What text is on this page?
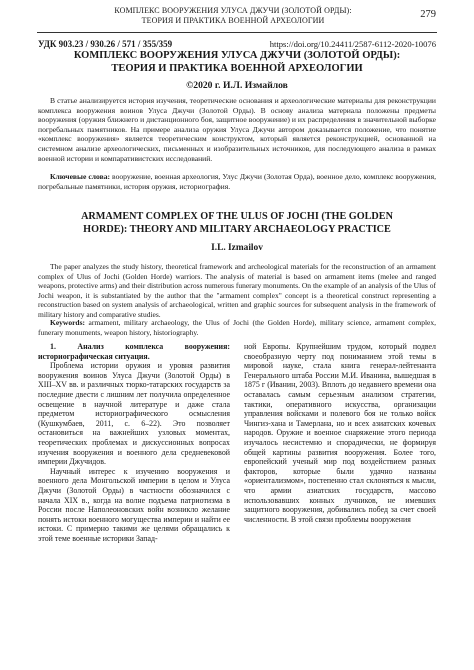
КОМПЛЕКС ВООРУЖЕНИЯ УЛУСА ДЖУЧИ (ЗОЛОТОЙ ОРДЫ):
ТЕОРИЯ И ПРАКТИКА ВОЕННОЙ АРХЕОЛОГИИ
279
УДК 903.23 / 930.26 / 571 / 355/359	https://doi.org/10.24411/2587-6112-2020-10076
КОМПЛЕКС ВООРУЖЕНИЯ УЛУСА ДЖУЧИ (ЗОЛОТОЙ ОРДЫ):
ТЕОРИЯ И ПРАКТИКА ВОЕННОЙ АРХЕОЛОГИИ
©2020 г. И.Л. Измайлов

В статье анализируется история изучения, теоретические основания и археологические материалы для реконструкции комплекса вооружения воинов Улуса Джучи (Золотой Орды). В основу анализа материала положены предметы вооружения (оружия ближнего и дистанционного боя, защитное вооружение) и их распределения в значительной выборке погребальных памятников. На примере анализа оружия Улуса Джучи автором доказывается положение, что понятие «комплекс вооружения» является теоретическим конструктом, который является реконструкцией, основанной на системном анализе археологических, письменных и изобразительных источников, для последующего анализа в рамках военной истории и компаративистских исследований.

Ключевые слова: вооружение, военная археология, Улус Джучи (Золотая Орда), военное дело, комплекс вооружения, погребальные памятники, история оружия, историография.

ARMAMENT COMPLEX OF THE ULUS OF JOCHI (THE GOLDEN
HORDE): THEORY AND MILITARY ARCHAEOLOGY PRACTICE
I.L. Izmailov

The paper analyzes the study history, theoretical framework and archeological materials for the reconstruction of an armament complex of Ulus of Jochi (Golden Horde) warriors. The analysis of material is based on armament items (melee and ranged weapons, protective arms) and their distribution across numerous funerary monuments. On the example of an analysis of the Ulus of Jochi weapon, it is substantiated by the author that the "armament complex" concept is a theoretical construct representing a reconstruction based on system analysis of archaeological, written and graphic sources for subsequent analysis in the framework of military history and comparative studies.

Keywords: armament, military archaeology, the Ulus of Jochi (the Golden Horde), military science, armament complex, funerary monuments, weapon history, historiography.

1. Анализ комплекса вооружения: историографическая ситуация.

Проблема истории оружия и уровня развития вооружения воинов Улуса Джучи (Золотой Орды) в XIII–XV вв. и различных тюрко-татарских государств за последние двести с лишним лет получила определенное освещение в научной литературе и даже стала предметом историографического осмысления (Кушкумбаев, 2011, с. 6–22). Это позволяет остановиться на важнейших узловых моментах, теоретических проблемах и дискуссионных вопросах изучения вооружения и военного дела средневековой империи Джучидов.

Научный интерес к изучению вооружения и военного дела Монгольской империи в целом и Улуса Джучи (Золотой Орды) в частности обозначился с начала XIX в., когда на волне подъема патриотизма в России после Наполеоновских войн возникло желание понять истоки военного могущества империи и найти ее истоки. С примерно такими же целями обращались к этой теме военные историки Запад-

ной Европы. Крупнейшим трудом, который подвел своеобразную черту под пониманием этой темы в мировой науке, стала книга генерал-лейтенанта Генерального штаба России М.И. Иванина, вышедшая в 1875 г (Иванин, 2003). Вплоть до недавнего времени она оставалась самым серьезным анализом стратегии, тактики, оперативного искусства, организации управления войсками и полевого боя не только войск Чингиз-хана и Тамерлана, но и всех азиатских кочевых народов. Оружие и военное снаряжение этого периода изучалось несистемно и спорадически, не формируя общей картины развития вооружения. Более того, европейский ученый мир под воздействием разных факторов, которые были удачно названы «ориентализмом», постепенно стал склоняться к мысли, что армии азиатских государств, массово использовавших конных лучников, не имевших защитного вооружения, добивались побед за счет своей численности. В этой связи проблемы вооружения
